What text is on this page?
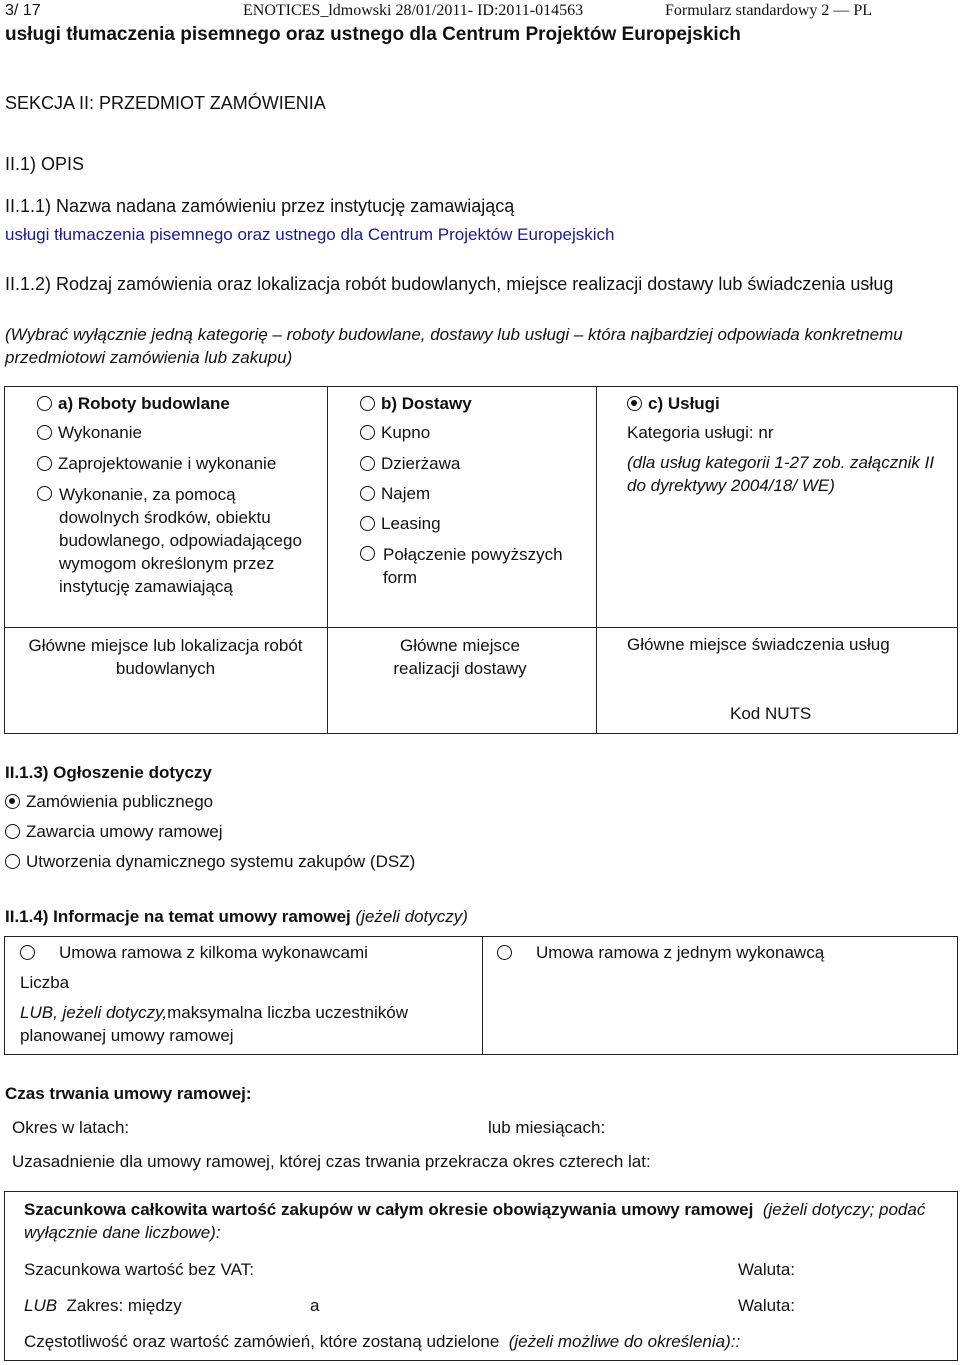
3/ 17	ENOTICES_ldmowski 28/01/2011- ID:2011-014563	Formularz standardowy 2 — PL
usługi tłumaczenia pisemnego oraz ustnego dla Centrum Projektów Europejskich
SEKCJA II: PRZEDMIOT ZAMÓWIENIA
II.1) OPIS
II.1.1) Nazwa nadana zamówieniu przez instytucję zamawiającą
usługi tłumaczenia pisemnego oraz ustnego dla Centrum Projektów Europejskich
II.1.2) Rodzaj zamówienia oraz lokalizacja robót budowlanych, miejsce realizacji dostawy lub świadczenia usług
(Wybrać wyłącznie jedną kategorię – roboty budowlane, dostawy lub usługi – która najbardziej odpowiada konkretnemu przedmiotowi zamówienia lub zakupu)
a) Roboty budowlane
Wykonanie
Zaprojektowanie i wykonanie
Wykonanie, za pomocą dowolnych środków, obiektu budowlanego, odpowiadającego wymogom określonym przez instytucję zamawiającą
Główne miejsce lub lokalizacja robót budowlanych
b) Dostawy
Kupno
Dzierżawa
Najem
Leasing
Połączenie powyższych form
Główne miejsce realizacji dostawy
c) Usługi
Kategoria usługi: nr
(dla usług kategorii 1-27 zob. załącznik II do dyrektywy 2004/18/ WE)
Główne miejsce świadczenia usług
Kod NUTS
II.1.3) Ogłoszenie dotyczy
Zamówienia publicznego
Zawarcia umowy ramowej
Utworzenia dynamicznego systemu zakupów (DSZ)
II.1.4) Informacje na temat umowy ramowej (jeżeli dotyczy)
Umowa ramowa z kilkoma wykonawcami
Liczba
LUB, jeżeli dotyczy,maksymalna liczba uczestników planowanej umowy ramowej
Umowa ramowa z jednym wykonawcą
Czas trwania umowy ramowej:
Okres w latach:	lub miesiącach:
Uzasadnienie dla umowy ramowej, której czas trwania przekracza okres czterech lat:
Szacunkowa całkowita wartość zakupów w całym okresie obowiązywania umowy ramowej (jeżeli dotyczy; podać wyłącznie dane liczbowe):
Szacunkowa wartość bez VAT:	Waluta:
LUB Zakres: między	a	Waluta:
Częstotliwość oraz wartość zamówień, które zostaną udzielone (jeżeli możliwe do określenia)::
